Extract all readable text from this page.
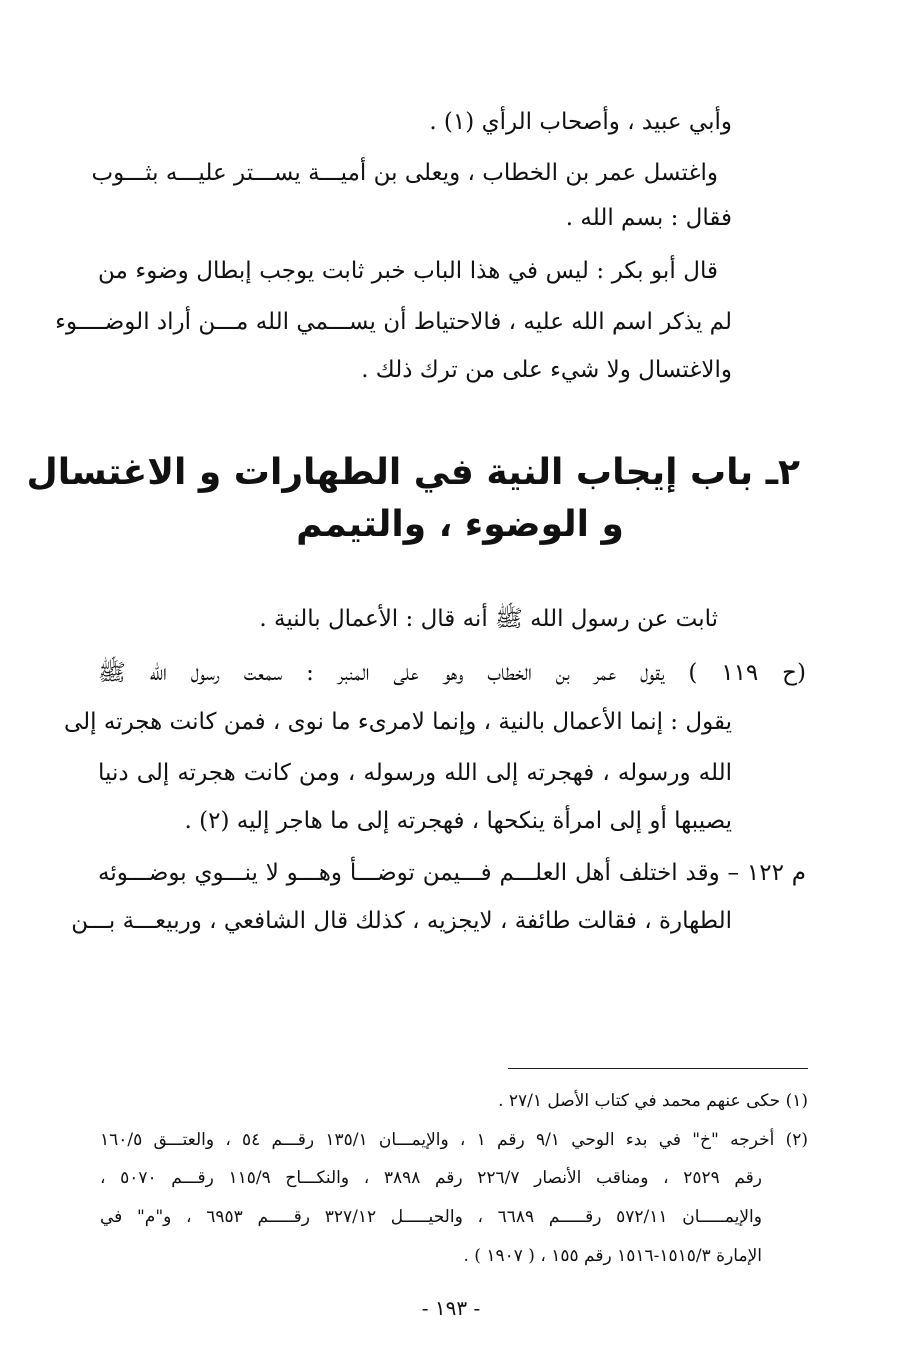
وأبي عبيد ، وأصحاب الرأي (١) .
واغتسل عمر بن الخطاب ، ويعلى بن أميـــة يســـتر عليـــه بثـــوب
فقال : بسم الله .
قال أبو بكر : ليس في هذا الباب خبر ثابت يوجب إبطال وضوء من
لم يذكر اسم الله عليه ، فالاحتياط أن يســـمي الله مـــن أراد الوضــــوء
والاغتسال ولا شيء على من ترك ذلك .
٢ـ باب إيجاب النية في الطهارات و الاغتسال
و الوضوء ، والتيمم
ثابت عن رسول الله ﷺ أنه قال : الأعمال بالنية .
(ح ١١٩ ) يقول عمر بن الخطاب وهو على المنبر : سمعت رسول الله ﷺ
يقول : إنما الأعمال بالنية ، وإنما لامرىء ما نوى ، فمن كانت هجرته إلى
الله ورسوله ، فهجرته إلى الله ورسوله ، ومن كانت هجرته إلى دنيا
يصيبها أو إلى امرأة ينكحها ، فهجرته إلى ما هاجر إليه (٢) .
م ١٢٢ – وقد اختلف أهل العلـــم فـــيمن توضـــأ وهـــو لا ينـــوي بوضـــوئه
الطهارة ، فقالت طائفة ، لايجزيه ، كذلك قال الشافعي ، وربيعـــة بـــن
(١) حكى عنهم محمد في كتاب الأصل ٢٧/١ .
(٢) أخرجه "خ" في بدء الوحي ٩/١ رقم ١ ، والإيمـــان ١٣٥/١ رقـــم ٥٤ ، والعتـــق ١٦٠/٥
رقم ٢٥٢٩ ، ومناقب الأنصار ٢٢٦/٧ رقم ٣٨٩٨ ، والنكـــاح ١١٥/٩ رقـــم ٥٠٧٠ ،
والإيمـــــان ٥٧٢/١١ رقـــــم ٦٦٨٩ ، والحيـــــل ٣٢٧/١٢ رقـــــم ٦٩٥٣ ، و"م" في
الإمارة ١٥١٥/٣-١٥١٦ رقم ١٥٥ ، ( ١٩٠٧ ) .
- ١٩٣ -
